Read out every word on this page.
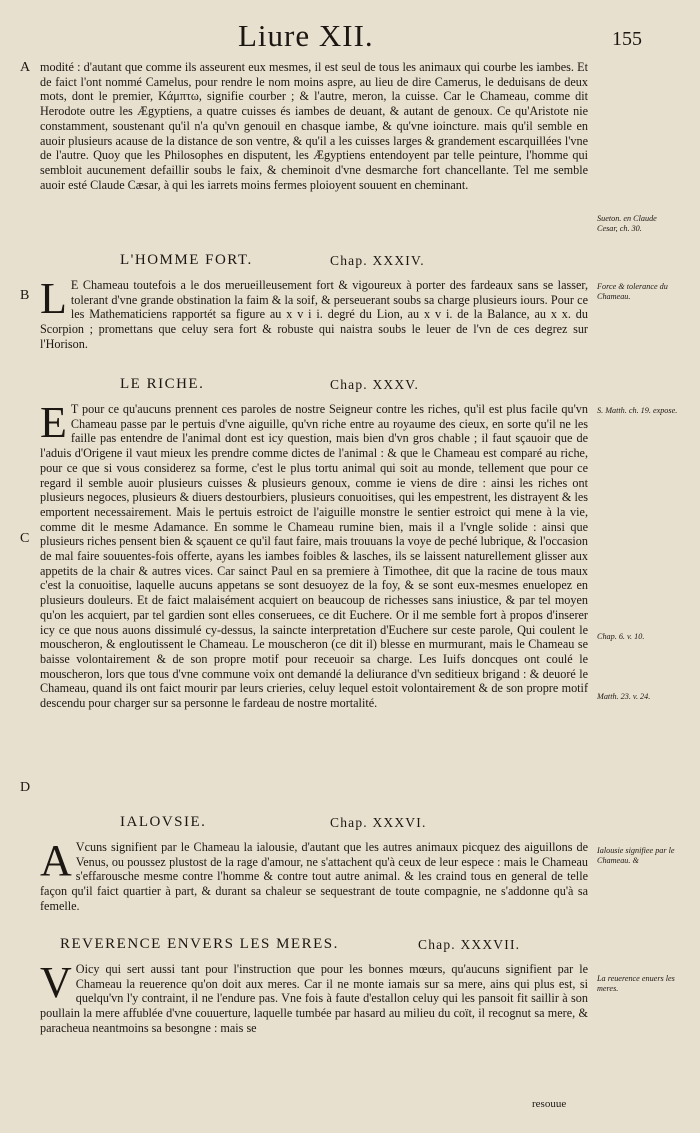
Liure XII.	155
A
B
C
D

modité : d'autant que comme ils asseurent eux mesmes, il est seul de tous les animaux qui courbe les iambes. Et de faict l'ont nommé Camelus, pour rendre le nom moins aspre, au lieu de dire Camerus, le deduisans de deux mots, dont le premier, Kάμπτω, signifie courber ; & l'autre, meron, la cuisse. Car le Chameau, comme dit Herodote outre les Ægyptiens, a quatre cuisses és iambes de deuant, & autant de genoux. Ce qu'Aristote nie constamment, soustenant qu'il n'a qu'vn genouil en chasque iambe, & qu'vne ioincture. mais qu'il semble en auoir plusieurs acause de la distance de son ventre, & qu'il a les cuisses larges & grandement escarquillées l'vne de l'autre. Quoy que les Philosophes en disputent, les Ægyptiens entendoyent par telle peinture, l'homme qui sembloit aucunement defaillir soubs le faix, & cheminoit d'vne desmarche fort chancellante. Tel me semble auoir esté Claude Cæsar, à qui les iarrets moins fermes ploioyent souuent en cheminant.

L'HOMME FORT.	Chap. XXXIV.

L E Chameau toutefois a le dos merueilleusement fort & vigoureux à porter des fardeaux sans se lasser, tolerant d'vne grande obstination la faim & la soif, & perseuerant soubs sa charge plusieurs iours. Pour ce les Mathematiciens rapportét sa figure au x v i i. degré du Lion, au x v i. de la Balance, au x x. du Scorpion ; promettans que celuy sera fort & robuste qui naistra soubs le leuer de l'vn de ces degrez sur l'Horison.

LE RICHE.	Chap. XXXV.

E T pour ce qu'aucuns prennent ces paroles de nostre Seigneur contre les riches, qu'il est plus facile qu'vn Chameau passe par le pertuis d'vne aiguille, qu'vn riche entre au royaume des cieux, en sorte qu'il ne les faille pas entendre de l'animal dont est icy question, mais bien d'vn gros chable ; il faut sçauoir que de l'aduis d'Origene il vaut mieux les prendre comme dictes de l'animal : & que le Chameau est comparé au riche, pour ce que si vous considerez sa forme, c'est le plus tortu animal qui soit au monde, tellement que pour ce regard il semble auoir plusieurs cuisses & plusieurs genoux, comme ie viens de dire : ainsi les riches ont plusieurs negoces, plusieurs & diuers destourbiers, plusieurs conuoitises, qui les empestrent, les distrayent & les emportent necessairement. Mais le pertuis estroict de l'aiguille monstre le sentier estroict qui mene à la vie, comme dit le mesme Adamance. En somme le Chameau rumine bien, mais il a l'vngle solide : ainsi que plusieurs riches pensent bien & sçauent ce qu'il faut faire, mais trouuans la voye de peché lubrique, & l'occasion de mal faire souuentes-fois offerte, ayans les iambes foibles & lasches, ils se laissent naturellement glisser aux appetits de la chair & autres vices. Car sainct Paul en sa premiere à Timothee, dit que la racine de tous maux c'est la conuoitise, laquelle aucuns appetans se sont desuoyez de la foy, & se sont eux-mesmes enuelopez en plusieurs douleurs. Et de faict malaisément acquiert on beaucoup de richesses sans iniustice, & par tel moyen qu'on les acquiert, par tel gardien sont elles conseruees, ce dit Euchere. Or il me semble fort à propos d'inserer icy ce que nous auons dissimulé cy-dessus, la saincte interpretation d'Euchere sur ceste parole, Qui coulent le mouscheron, & engloutissent le Chameau. Le mouscheron (ce dit il) blesse en murmurant, mais le Chameau se baisse volontairement & de son propre motif pour receuoir sa charge. Les Iuifs doncques ont coulé le mouscheron, lors que tous d'vne commune voix ont demandé la deliurance d'vn seditieux brigand : & deuoré le Chameau, quand ils ont faict mourir par leurs crieries, celuy lequel estoit volontairement & de son propre motif descendu pour charger sur sa personne le fardeau de nostre mortalité.

IALOVSIE.	Chap. XXXVI.

A Vcuns signifient par le Chameau la ialousie, d'autant que les autres animaux picquez des aiguillons de Venus, ou poussez plustost de la rage d'amour, ne s'attachent qu'à ceux de leur espece : mais le Chameau s'effarousche mesme contre l'homme & contre tout autre animal. & les craind tous en general de telle façon qu'il faict quartier à part, & durant sa chaleur se sequestrant de toute compagnie, ne s'addonne qu'à sa femelle.

REVERENCE ENVERS LES MERES.	Chap. XXXVII.

V Oicy qui sert aussi tant pour l'instruction que pour les bonnes mœurs, qu'aucuns signifient par le Chameau la reuerence qu'on doit aux meres. Car il ne monte iamais sur sa mere, ains qui plus est, si quelqu'vn l'y contraint, il ne l'endure pas. Vne fois à faute d'estallon celuy qui les pansoit fit saillir à son poullain la mere affublée d'vne couuerture, laquelle tumbée par hasard au milieu du coït, il recognut sa mere, & paracheua neantmoins sa besongne : mais se

Sueton. en Claude Cesar, ch. 30.
Force & tolerance du Chameau.
S. Matth. ch. 19. expose.
Chap. 6. v. 10.
Matth. 23. v. 24.
Ialousie signifiee par le Chameau. &
La reuerence enuers les meres.
resouue
